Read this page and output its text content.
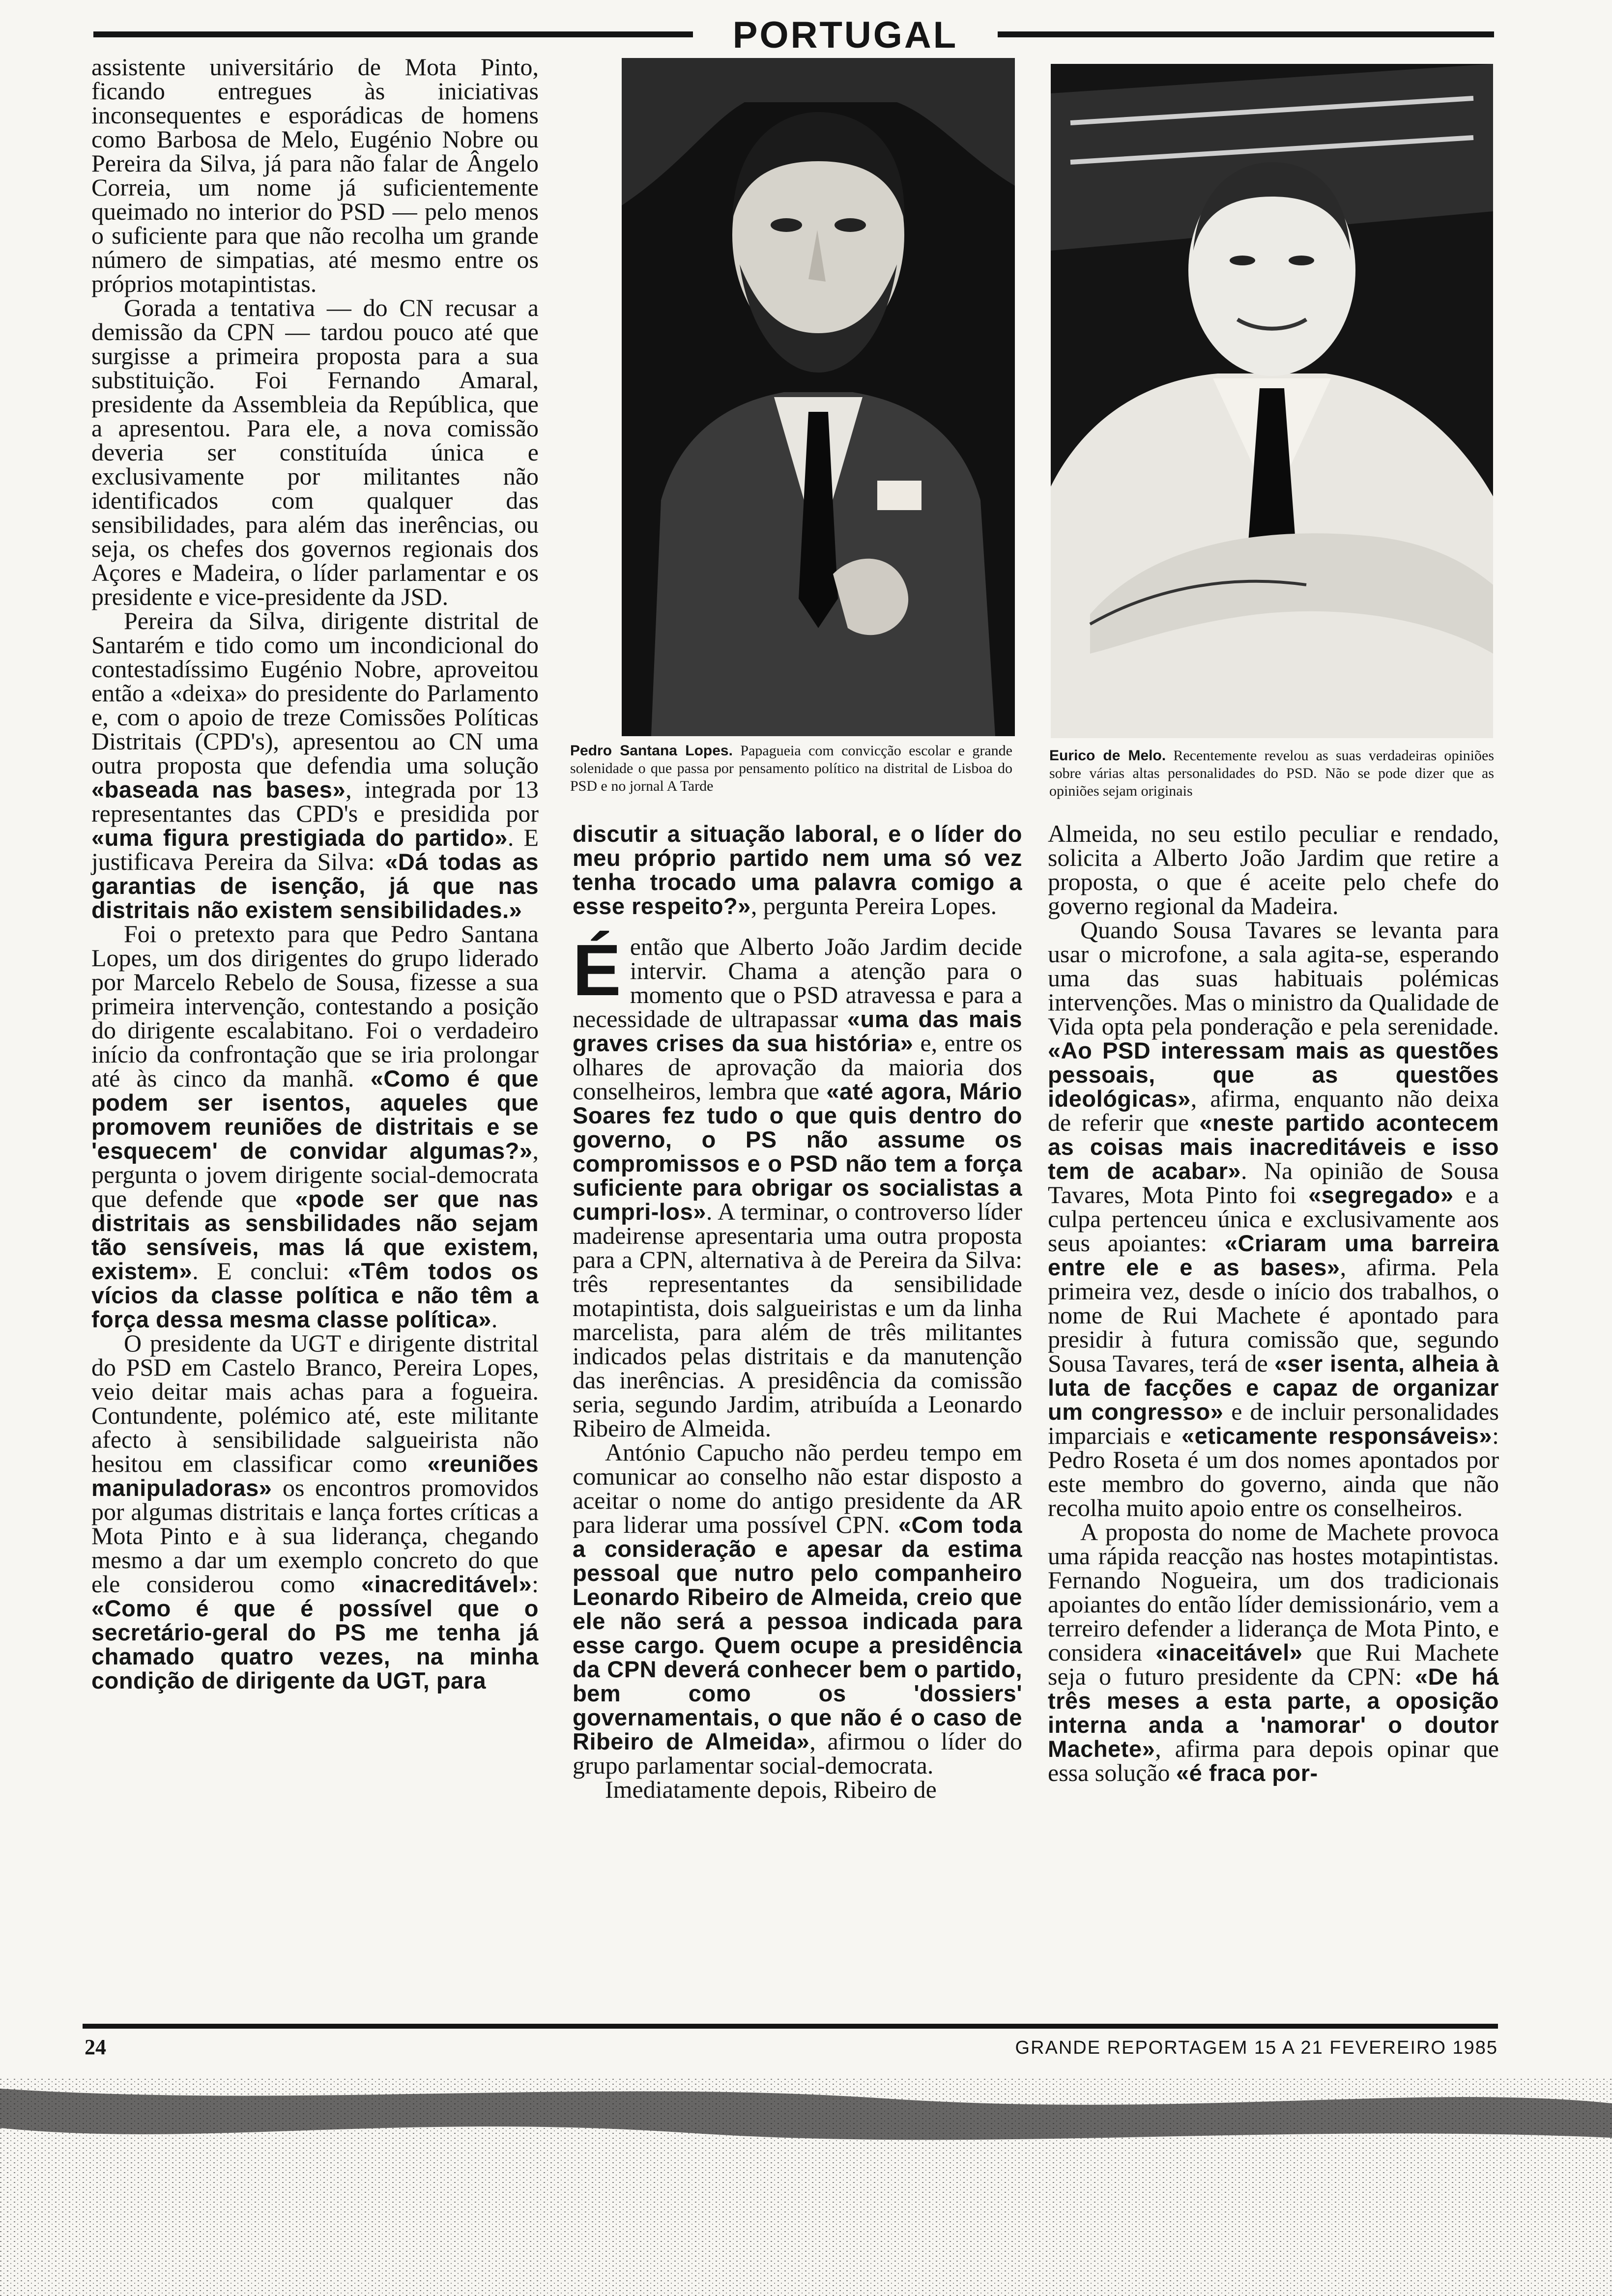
PORTUGAL

assistente universitário de Mota Pinto, ficando entregues às iniciativas inconsequentes e esporádicas de homens como Barbosa de Melo, Eugénio Nobre ou Pereira da Silva, já para não falar de Ângelo Correia, um nome já suficientemente queimado no interior do PSD — pelo menos o suficiente para que não recolha um grande número de simpatias, até mesmo entre os próprios motapintistas.

Gorada a tentativa — do CN recusar a demissão da CPN — tardou pouco até que surgisse a primeira proposta para a sua substituição. Foi Fernando Amaral, presidente da Assembleia da República, que a apresentou. Para ele, a nova comissão deveria ser constituída única e exclusivamente por militantes não identificados com qualquer das sensibilidades, para além das inerências, ou seja, os chefes dos governos regionais dos Açores e Madeira, o líder parlamentar e os presidente e vice-presidente da JSD.

Pereira da Silva, dirigente distrital de Santarém e tido como um incondicional do contestadíssimo Eugénio Nobre, aproveitou então a «deixa» do presidente do Parlamento e, com o apoio de treze Comissões Políticas Distritais (CPD's), apresentou ao CN uma outra proposta que defendia uma solução «baseada nas bases», integrada por 13 representantes das CPD's e presidida por «uma figura prestigiada do partido». E justificava Pereira da Silva: «Dá todas as garantias de isenção, já que nas distritais não existem sensibilidades.»

Foi o pretexto para que Pedro Santana Lopes, um dos dirigentes do grupo liderado por Marcelo Rebelo de Sousa, fizesse a sua primeira intervenção, contestando a posição do dirigente escalabitano. Foi o verdadeiro início da confrontação que se iria prolongar até às cinco da manhã. «Como é que podem ser isentos, aqueles que promovem reuniões de distritais e se 'esquecem' de convidar algumas?», pergunta o jovem dirigente social-democrata que defende que «pode ser que nas distritais as sensbilidades não sejam tão sensíveis, mas lá que existem, existem». E conclui: «Têm todos os vícios da classe política e não têm a força dessa mesma classe política».

O presidente da UGT e dirigente distrital do PSD em Castelo Branco, Pereira Lopes, veio deitar mais achas para a fogueira. Contundente, polémico até, este militante afecto à sensibilidade salgueirista não hesitou em classificar como «reuniões manipuladoras» os encontros promovidos por algumas distritais e lança fortes críticas a Mota Pinto e à sua liderança, chegando mesmo a dar um exemplo concreto do que ele considerou como «inacreditável»: «Como é que é possível que o secretário-geral do PS me tenha já chamado quatro vezes, na minha condição de dirigente da UGT, para

Pedro Santana Lopes. Papagueia com convicção escolar e grande solenidade o que passa por pensamento político na distrital de Lisboa do PSD e no jornal A Tarde
Eurico de Melo. Recentemente revelou as suas verdadeiras opiniões sobre várias altas personalidades do PSD. Não se pode dizer que as opiniões sejam originais

discutir a situação laboral, e o líder do meu próprio partido nem uma só vez tenha trocado uma palavra comigo a esse respeito?», pergunta Pereira Lopes.

Éentão que Alberto João Jardim decide intervir. Chama a atenção para o momento que o PSD atravessa e para a necessidade de ultrapassar «uma das mais graves crises da sua história» e, entre os olhares de aprovação da maioria dos conselheiros, lembra que «até agora, Mário Soares fez tudo o que quis dentro do governo, o PS não assume os compromissos e o PSD não tem a força suficiente para obrigar os socialistas a cumpri-los». A terminar, o controverso líder madeirense apresentaria uma outra proposta para a CPN, alternativa à de Pereira da Silva: três representantes da sensibilidade motapintista, dois salgueiristas e um da linha marcelista, para além de três militantes indicados pelas distritais e da manutenção das inerências. A presidência da comissão seria, segundo Jardim, atribuída a Leonardo Ribeiro de Almeida.

António Capucho não perdeu tempo em comunicar ao conselho não estar disposto a aceitar o nome do antigo presidente da AR para liderar uma possível CPN. «Com toda a consideração e apesar da estima pessoal que nutro pelo companheiro Leonardo Ribeiro de Almeida, creio que ele não será a pessoa indicada para esse cargo. Quem ocupe a presidência da CPN deverá conhecer bem o partido, bem como os 'dossiers' governamentais, o que não é o caso de Ribeiro de Almeida», afirmou o líder do grupo parlamentar social-democrata.

Imediatamente depois, Ribeiro de

Almeida, no seu estilo peculiar e rendado, solicita a Alberto João Jardim que retire a proposta, o que é aceite pelo chefe do governo regional da Madeira.

Quando Sousa Tavares se levanta para usar o microfone, a sala agita-se, esperando uma das suas habituais polémicas intervenções. Mas o ministro da Qualidade de Vida opta pela ponderação e pela serenidade. «Ao PSD interessam mais as questões pessoais, que as questões ideológicas», afirma, enquanto não deixa de referir que «neste partido acontecem as coisas mais inacreditáveis e isso tem de acabar». Na opinião de Sousa Tavares, Mota Pinto foi «segregado» e a culpa pertenceu única e exclusivamente aos seus apoiantes: «Criaram uma barreira entre ele e as bases», afirma. Pela primeira vez, desde o início dos trabalhos, o nome de Rui Machete é apontado para presidir à futura comissão que, segundo Sousa Tavares, terá de «ser isenta, alheia à luta de facções e capaz de organizar um congresso» e de incluir personalidades imparciais e «eticamente responsáveis»: Pedro Roseta é um dos nomes apontados por este membro do governo, ainda que não recolha muito apoio entre os conselheiros.

A proposta do nome de Machete provoca uma rápida reacção nas hostes motapintistas. Fernando Nogueira, um dos tradicionais apoiantes do então líder demissionário, vem a terreiro defender a liderança de Mota Pinto, e considera «inaceitável» que Rui Machete seja o futuro presidente da CPN: «De há três meses a esta parte, a oposição interna anda a 'namorar' o doutor Machete», afirma para depois opinar que essa solução «é fraca por-

24	GRANDE REPORTAGEM 15 A 21 FEVEREIRO 1985
